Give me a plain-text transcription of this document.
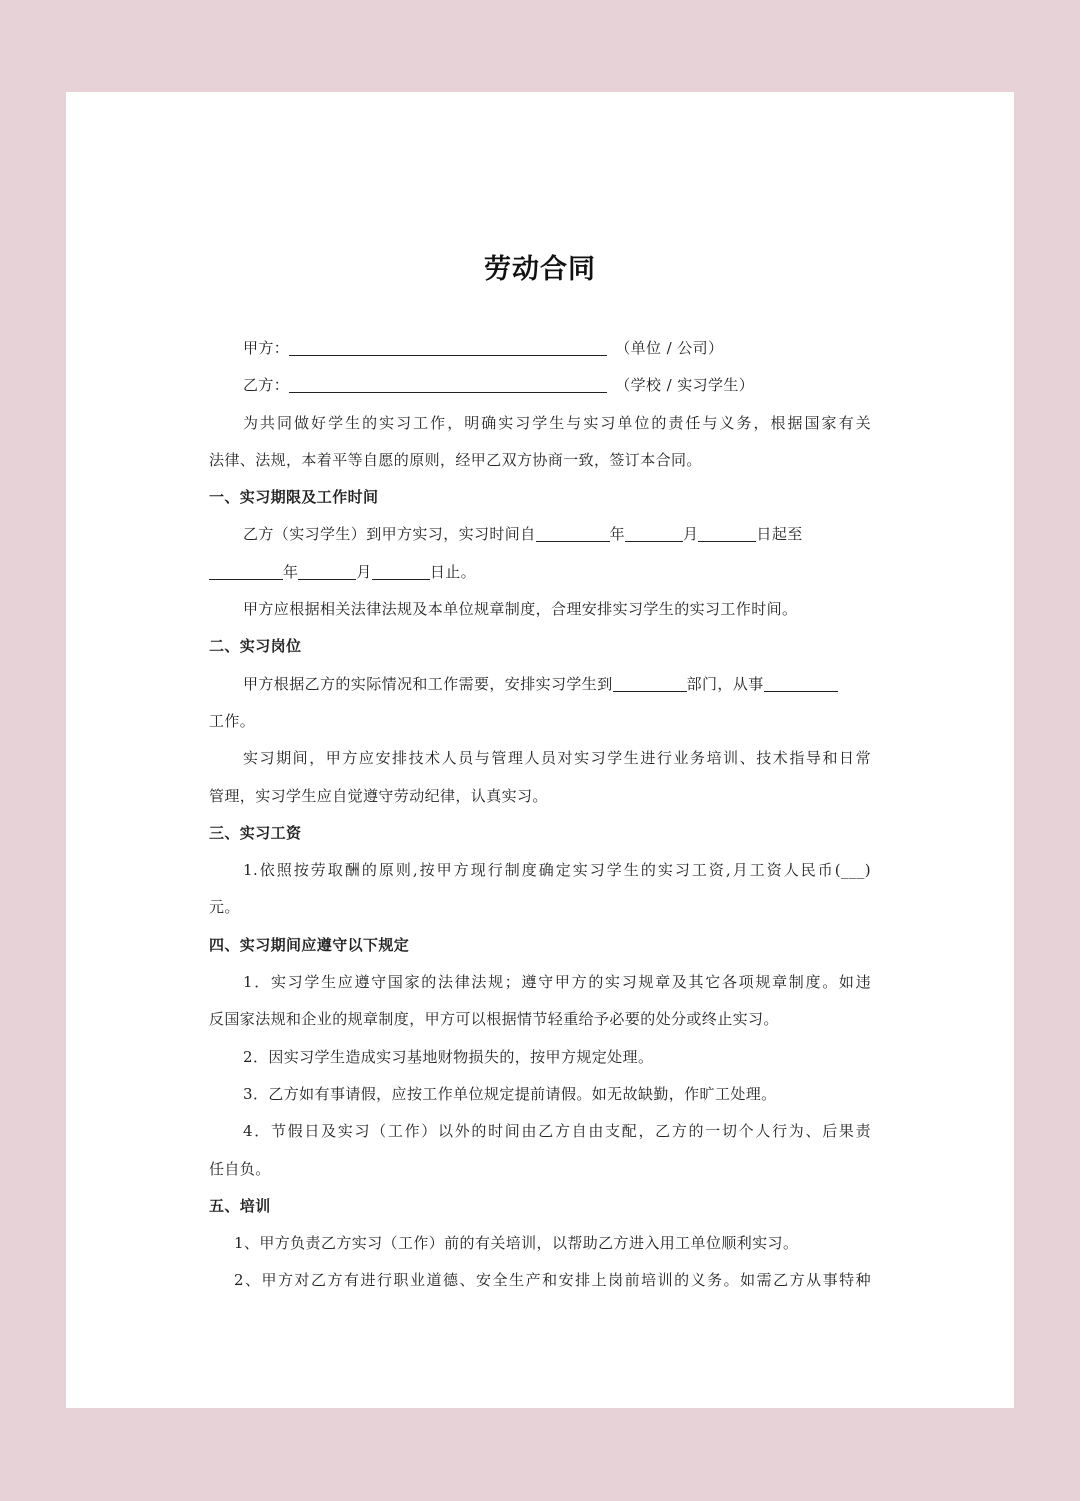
劳动合同
甲方：	（单位 / 公司）
乙方：	（学校 / 实习学生）
为共同做好学生的实习工作，明确实习学生与实习单位的责任与义务，根据国家有关
法律、法规，本着平等自愿的原则，经甲乙双方协商一致，签订本合同。
一、实习期限及工作时间
乙方（实习学生）到甲方实习，实习时间自	年	月	日起至
年	月	日止。
甲方应根据相关法律法规及本单位规章制度，合理安排实习学生的实习工作时间。
二、实习岗位
甲方根据乙方的实际情况和工作需要，安排实习学生到	部门，从事
工作。
实习期间，甲方应安排技术人员与管理人员对实习学生进行业务培训、技术指导和日常
管理，实习学生应自觉遵守劳动纪律，认真实习。
三、实习工资
1.依照按劳取酬的原则,按甲方现行制度确定实习学生的实习工资,月工资人民币(___)
元。
四、实习期间应遵守以下规定
1．实习学生应遵守国家的法律法规；遵守甲方的实习规章及其它各项规章制度。如违
反国家法规和企业的规章制度，甲方可以根据情节轻重给予必要的处分或终止实习。
2．因实习学生造成实习基地财物损失的，按甲方规定处理。
3．乙方如有事请假，应按工作单位规定提前请假。如无故缺勤，作旷工处理。
4．节假日及实习（工作）以外的时间由乙方自由支配，乙方的一切个人行为、后果责
任自负。
五、培训
1、甲方负责乙方实习（工作）前的有关培训，以帮助乙方进入用工单位顺利实习。
2、甲方对乙方有进行职业道德、安全生产和安排上岗前培训的义务。如需乙方从事特种
